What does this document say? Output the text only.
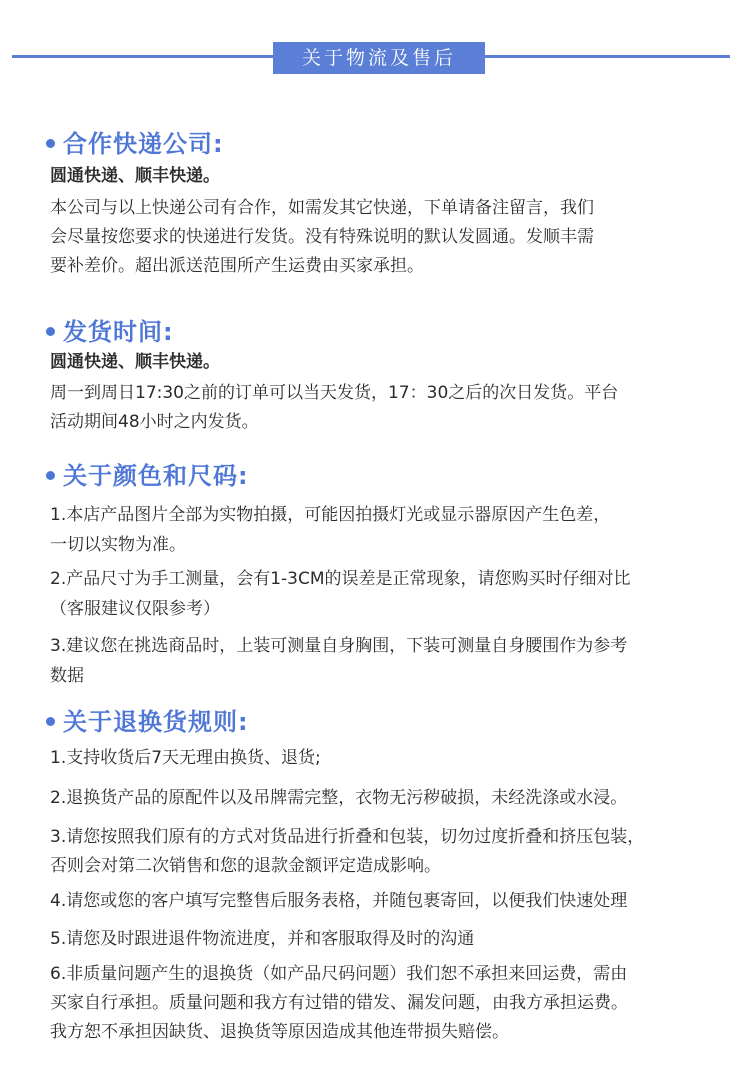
关于物流及售后
合作快递公司:
圆通快递、顺丰快递。
本公司与以上快递公司有合作，如需发其它快递，下单请备注留言，我们
会尽量按您要求的快递进行发货。没有特殊说明的默认发圆通。发顺丰需
要补差价。超出派送范围所产生运费由买家承担。
发货时间:
圆通快递、顺丰快递。
周一到周日17:30之前的订单可以当天发货，17：30之后的次日发货。平台
活动期间48小时之内发货。
关于颜色和尺码:
1.本店产品图片全部为实物拍摄，可能因拍摄灯光或显示器原因产生色差，
一切以实物为准。
2.产品尺寸为手工测量，会有1-3CM的误差是正常现象，请您购买时仔细对比
（客服建议仅限参考）
3.建议您在挑选商品时，上装可测量自身胸围，下装可测量自身腰围作为参考
数据
关于退换货规则:
1.支持收货后7天无理由换货、退货;
2.退换货产品的原配件以及吊牌需完整，衣物无污秽破损，未经洗涤或水浸。
3.请您按照我们原有的方式对货品进行折叠和包装，切勿过度折叠和挤压包装，
否则会对第二次销售和您的退款金额评定造成影响。
4.请您或您的客户填写完整售后服务表格，并随包裹寄回，以便我们快速处理
5.请您及时跟进退件物流进度，并和客服取得及时的沟通
6.非质量问题产生的退换货（如产品尺码问题）我们恕不承担来回运费，需由
买家自行承担。质量问题和我方有过错的错发、漏发问题，由我方承担运费。
我方恕不承担因缺货、退换货等原因造成其他连带损失赔偿。
